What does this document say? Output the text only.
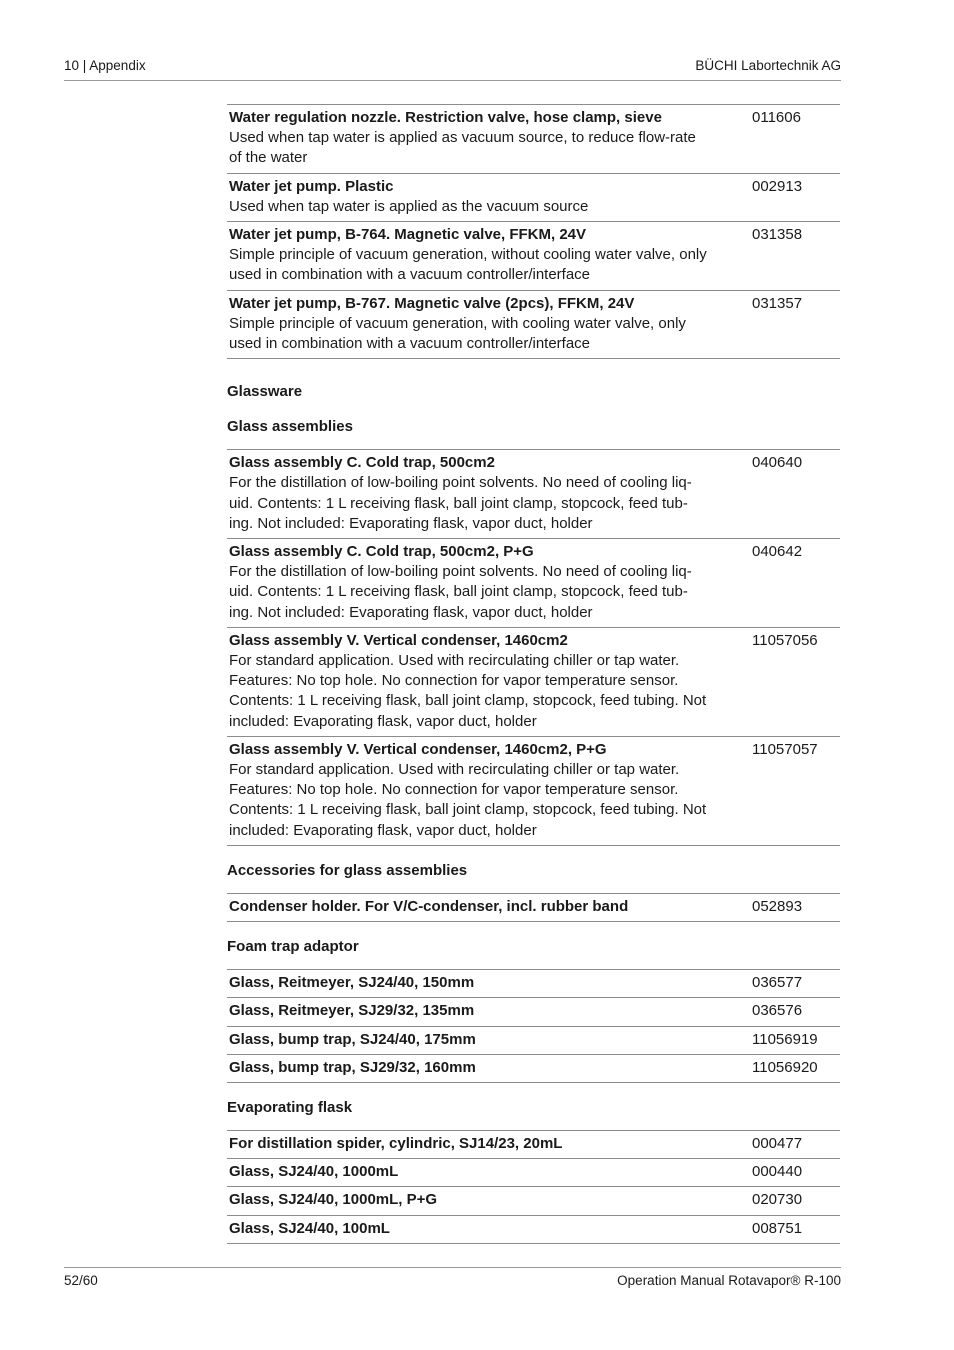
10 | Appendix	BÜCHI Labortechnik AG
Water regulation nozzle. Restriction valve, hose clamp, sieve
Used when tap water is applied as vacuum source, to reduce flow-rate
of the water
011606
Water jet pump. Plastic
Used when tap water is applied as the vacuum source
002913
Water jet pump, B-764. Magnetic valve, FFKM, 24V
Simple principle of vacuum generation, without cooling water valve, only
used in combination with a vacuum controller/interface
031358
Water jet pump, B-767. Magnetic valve (2pcs), FFKM, 24V
Simple principle of vacuum generation, with cooling water valve, only
used in combination with a vacuum controller/interface
031357
Glassware
Glass assemblies
Glass assembly C. Cold trap, 500cm2
For the distillation of low-boiling point solvents. No need of cooling liq-
uid. Contents: 1 L receiving flask, ball joint clamp, stopcock, feed tub-
ing. Not included: Evaporating flask, vapor duct, holder
040640
Glass assembly C. Cold trap, 500cm2, P+G
For the distillation of low-boiling point solvents. No need of cooling liq-
uid. Contents: 1 L receiving flask, ball joint clamp, stopcock, feed tub-
ing. Not included: Evaporating flask, vapor duct, holder
040642
Glass assembly V. Vertical condenser, 1460cm2
For standard application. Used with recirculating chiller or tap water.
Features: No top hole. No connection for vapor temperature sensor.
Contents: 1 L receiving flask, ball joint clamp, stopcock, feed tubing. Not
included: Evaporating flask, vapor duct, holder
11057056
Glass assembly V. Vertical condenser, 1460cm2, P+G
For standard application. Used with recirculating chiller or tap water.
Features: No top hole. No connection for vapor temperature sensor.
Contents: 1 L receiving flask, ball joint clamp, stopcock, feed tubing. Not
included: Evaporating flask, vapor duct, holder
11057057
Accessories for glass assemblies
Condenser holder. For V/C-condenser, incl. rubber band	052893
Foam trap adaptor
Glass, Reitmeyer, SJ24/40, 150mm	036577
Glass, Reitmeyer, SJ29/32, 135mm	036576
Glass, bump trap, SJ24/40, 175mm	11056919
Glass, bump trap, SJ29/32, 160mm	11056920
Evaporating flask
For distillation spider, cylindric, SJ14/23, 20mL	000477
Glass, SJ24/40, 1000mL	000440
Glass, SJ24/40, 1000mL, P+G	020730
Glass, SJ24/40, 100mL	008751
52/60	Operation Manual Rotavapor® R-100
